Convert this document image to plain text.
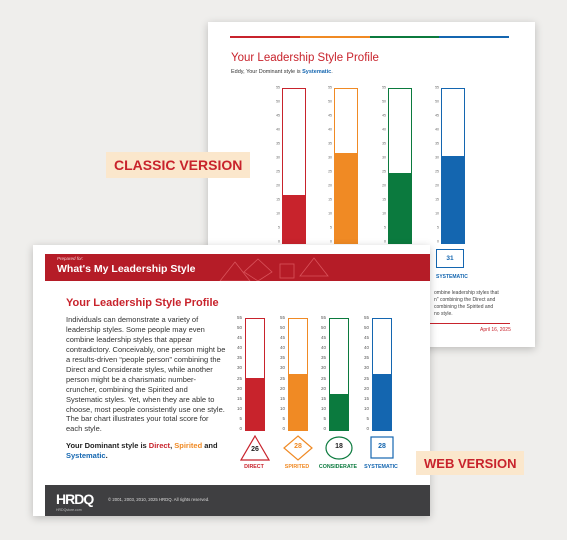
Your Leadership Style Profile
Eddy, Your Dominant style is Systematic.
31
SYSTEMATIC
ombine leadership styles that
n" combining the Direct and
combining the Spirited and
no style.
April 16, 2025
55
50
45
40
35
30
25
20
15
10
5
0
55
50
45
40
35
30
25
20
15
10
5
0
55
50
45
40
35
30
25
20
15
10
5
0
55
50
45
40
35
30
25
20
15
10
5
0
CLASSIC VERSION
Prepared for:
What's My Leadership Style
Your Leadership Style Profile

Individuals can demonstrate a variety of leadership styles. Some people may even combine leadership styles that appear contradictory. Conceivably, one person might be a results-driven “people person” combining the Direct and Considerate styles, while another person might be a charismatic number-cruncher, combining the Spirited and Systematic styles. Yet, when they are able to choose, most people consistently use one style.

The bar chart illustrates your total score for each style.

Your Dominant style is Direct, Spirited and
Systematic.

HRDQ
HRDQstore.com
© 2001, 2003, 2010, 2025 HRDQ. All rights reserved.
55
50
45
40
35
30
25
20
15
10
5
0
26
DIRECT
55
50
45
40
35
30
25
20
15
10
5
0
28
SPIRITED
55
50
45
40
35
30
25
20
15
10
5
0
18
CONSIDERATE
55
50
45
40
35
30
25
20
15
10
5
0
28
SYSTEMATIC	WEB VERSION
